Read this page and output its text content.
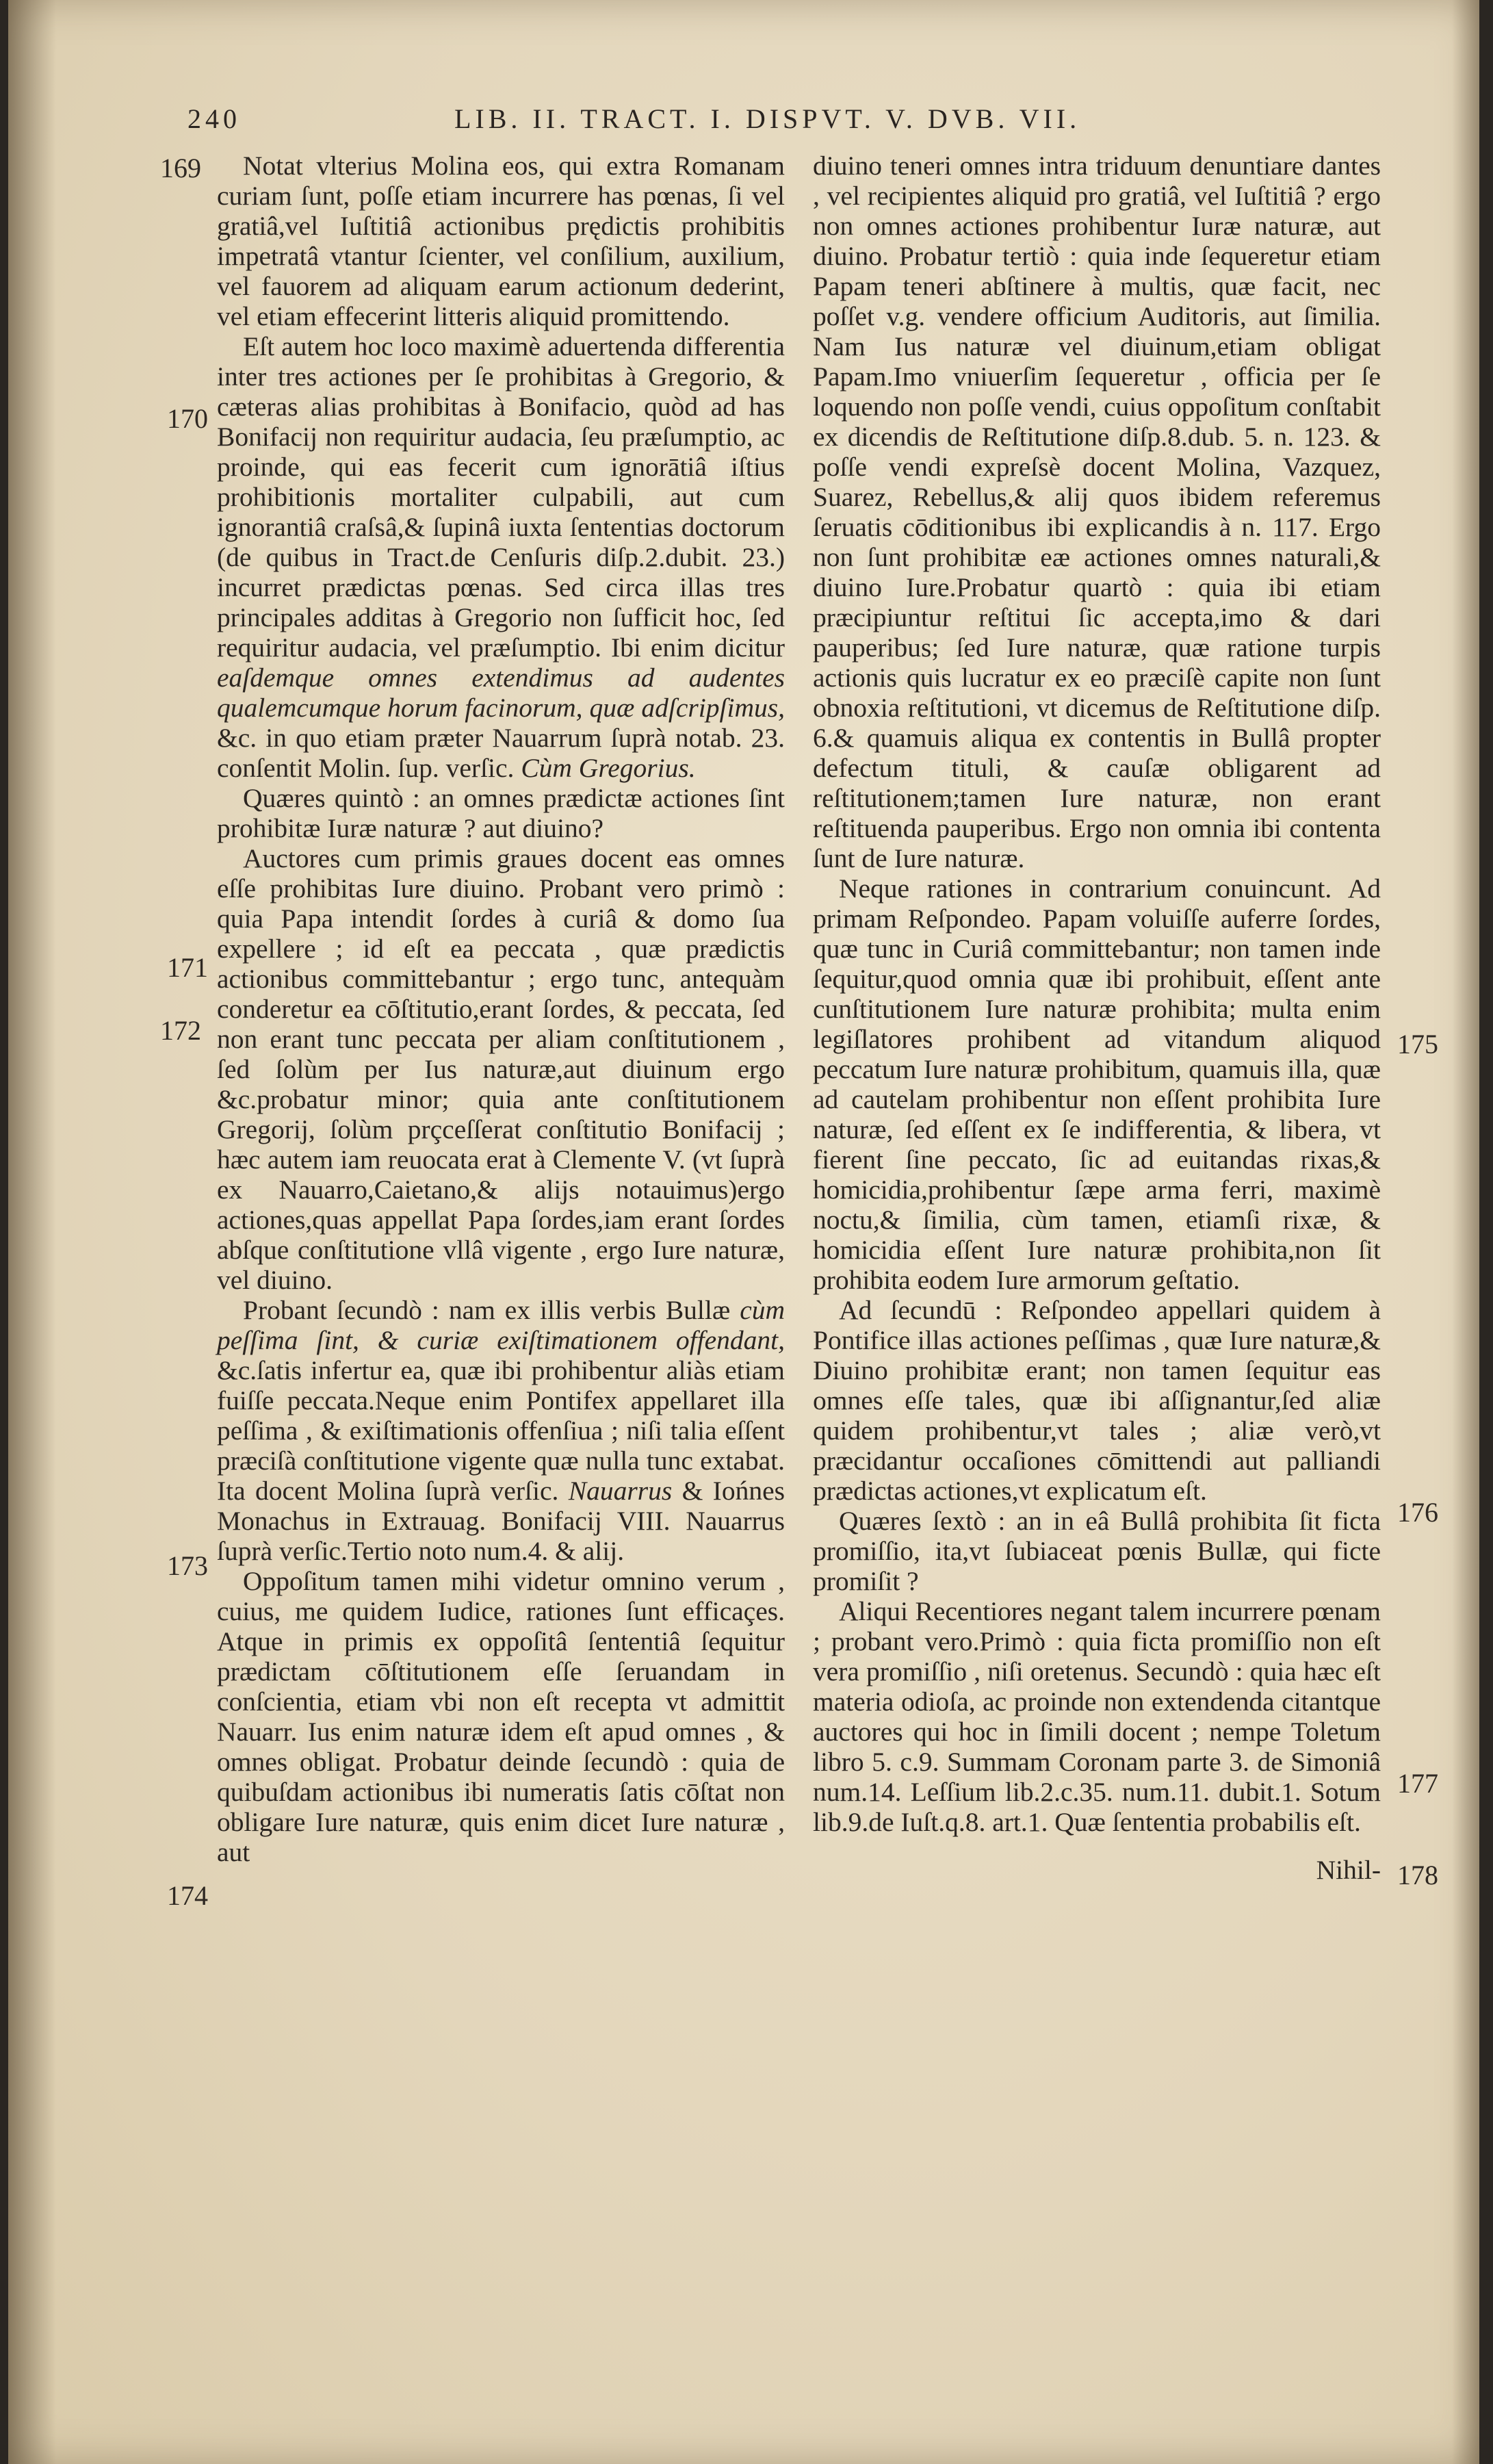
240	LIB. II. TRACT. I. DISPVT. V. DVB. VII.
169
170
171
172
173
174
175
176
177
178

Notat vlterius Molina eos, qui extra Romanam curiam ſunt, poſſe etiam incurrere has pœnas, ſi vel gratiâ,vel Iuſtitiâ actionibus prędictis prohibitis impetratâ vtantur ſcienter, vel conſilium, auxilium, vel fauorem ad aliquam earum actionum dederint, vel etiam effecerint litteris aliquid promittendo.

Eſt autem hoc loco maximè aduertenda differentia inter tres actiones per ſe prohibitas à Gregorio, & cæteras alias prohibitas à Bonifacio, quòd ad has Bonifacij non requiritur audacia, ſeu præſumptio, ac proinde, qui eas fecerit cum ignorātiâ iſtius prohibitionis mortaliter culpabili, aut cum ignorantiâ craſsâ,& ſupinâ iuxta ſententias doctorum (de quibus in Tract.de Cenſuris diſp.2.dubit. 23.) incurret prædictas pœnas. Sed circa illas tres principales additas à Gregorio non ſufficit hoc, ſed requiritur audacia, vel præſumptio. Ibi enim dicitur eaſdemque omnes extendimus ad audentes qualemcumque horum facinorum, quæ adſcripſimus, &c. in quo etiam præter Nauarrum ſuprà notab. 23. conſentit Molin. ſup. verſic. Cùm Gregorius.

Quæres quintò : an omnes prædictæ actiones ſint prohibitæ Iuræ naturæ ? aut diuino?

Auctores cum primis graues docent eas omnes eſſe prohibitas Iure diuino. Probant vero primò : quia Papa intendit ſordes à curiâ & domo ſua expellere ; id eſt ea peccata , quæ prædictis actionibus committebantur ; ergo tunc, antequàm conderetur ea cōſtitutio,erant ſordes, & peccata, ſed non erant tunc peccata per aliam conſtitutionem , ſed ſolùm per Ius naturæ,aut diuinum ergo &c.probatur minor; quia ante conſtitutionem Gregorij, ſolùm prçceſſerat conſtitutio Bonifacij ; hæc autem iam reuocata erat à Clemente V. (vt ſuprà ex Nauarro,Caietano,& alijs notauimus)ergo actiones,quas appellat Papa ſordes,iam erant ſordes abſque conſtitutione vllâ vigente , ergo Iure naturæ, vel diuino.

Probant ſecundò : nam ex illis verbis Bullæ cùm peſſima ſint, & curiæ exiſtimationem offendant, &c.ſatis infertur ea, quæ ibi prohibentur aliàs etiam fuiſſe peccata.Neque enim Pontifex appellaret illa peſſima , & exiſtimationis offenſiua ; niſi talia eſſent præciſà conſtitutione vigente quæ nulla tunc extabat. Ita docent Molina ſuprà verſic. Nauarrus & Iońnes Monachus in Extrauag. Bonifacij VIII. Nauarrus ſuprà verſic.Tertio noto num.4. & alij.

Oppoſitum tamen mihi videtur omnino verum , cuius, me quidem Iudice, rationes ſunt efficaçes. Atque in primis ex oppoſitâ ſententiâ ſequitur prædictam cōſtitutionem eſſe ſeruandam in conſcientia, etiam vbi non eſt recepta vt admittit Nauarr. Ius enim naturæ idem eſt apud omnes , & omnes obligat. Probatur deinde ſecundò : quia de quibuſdam actionibus ibi numeratis ſatis cōſtat non obligare Iure naturæ, quis enim dicet Iure naturæ , aut

diuino teneri omnes intra triduum denuntiare dantes , vel recipientes aliquid pro gratiâ, vel Iuſtitiâ ? ergo non omnes actiones prohibentur Iuræ naturæ, aut diuino. Probatur tertiò : quia inde ſequeretur etiam Papam teneri abſtinere à multis, quæ facit, nec poſſet v.g. vendere officium Auditoris, aut ſimilia. Nam Ius naturæ vel diuinum,etiam obligat Papam.Imo vniuerſim ſequeretur , officia per ſe loquendo non poſſe vendi, cuius oppoſitum conſtabit ex dicendis de Reſtitutione diſp.8.dub. 5. n. 123. & poſſe vendi expreſsè docent Molina, Vazquez, Suarez, Rebellus,& alij quos ibidem referemus ſeruatis cōditionibus ibi explicandis à n. 117. Ergo non ſunt prohibitæ eæ actiones omnes naturali,& diuino Iure.Probatur quartò : quia ibi etiam præcipiuntur reſtitui ſic accepta,imo & dari pauperibus; ſed Iure naturæ, quæ ratione turpis actionis quis lucratur ex eo præciſè capite non ſunt obnoxia reſtitutioni, vt dicemus de Reſtitutione diſp. 6.& quamuis aliqua ex contentis in Bullâ propter defectum tituli, & cauſæ obligarent ad reſtitutionem;tamen Iure naturæ, non erant reſtituenda pauperibus. Ergo non omnia ibi contenta ſunt de Iure naturæ.

Neque rationes in contrarium conuincunt. Ad primam Reſpondeo. Papam voluiſſe auferre ſordes, quæ tunc in Curiâ committebantur; non tamen inde ſequitur,quod omnia quæ ibi prohibuit, eſſent ante cunſtitutionem Iure naturæ prohibita; multa enim legiſlatores prohibent ad vitandum aliquod peccatum Iure naturæ prohibitum, quamuis illa, quæ ad cautelam prohibentur non eſſent prohibita Iure naturæ, ſed eſſent ex ſe indifferentia, & libera, vt fierent ſine peccato, ſic ad euitandas rixas,& homicidia,prohibentur ſæpe arma ferri, maximè noctu,& ſimilia, cùm tamen, etiamſi rixæ, & homicidia eſſent Iure naturæ prohibita,non ſit prohibita eodem Iure armorum geſtatio.

Ad ſecundū : Reſpondeo appellari quidem à Pontifice illas actiones peſſimas , quæ Iure naturæ,& Diuino prohibitæ erant; non tamen ſequitur eas omnes eſſe tales, quæ ibi aſſignantur,ſed aliæ quidem prohibentur,vt tales ; aliæ verò,vt præcidantur occaſiones cōmittendi aut palliandi prædictas actiones,vt explicatum eſt.

Quæres ſextò : an in eâ Bullâ prohibita ſit ficta promiſſio, ita,vt ſubiaceat pœnis Bullæ, qui ficte promiſit ?

Aliqui Recentiores negant talem incurrere pœnam ; probant vero.Primò : quia ficta promiſſio non eſt vera promiſſio , niſi oretenus. Secundò : quia hæc eſt materia odioſa, ac proinde non extendenda citantque auctores qui hoc in ſimili docent ; nempe Toletum libro 5. c.9. Summam Coronam parte 3. de Simoniâ num.14. Leſſium lib.2.c.35. num.11. dubit.1. Sotum lib.9.de Iuſt.q.8. art.1. Quæ ſententia probabilis eſt.

Nihil-
